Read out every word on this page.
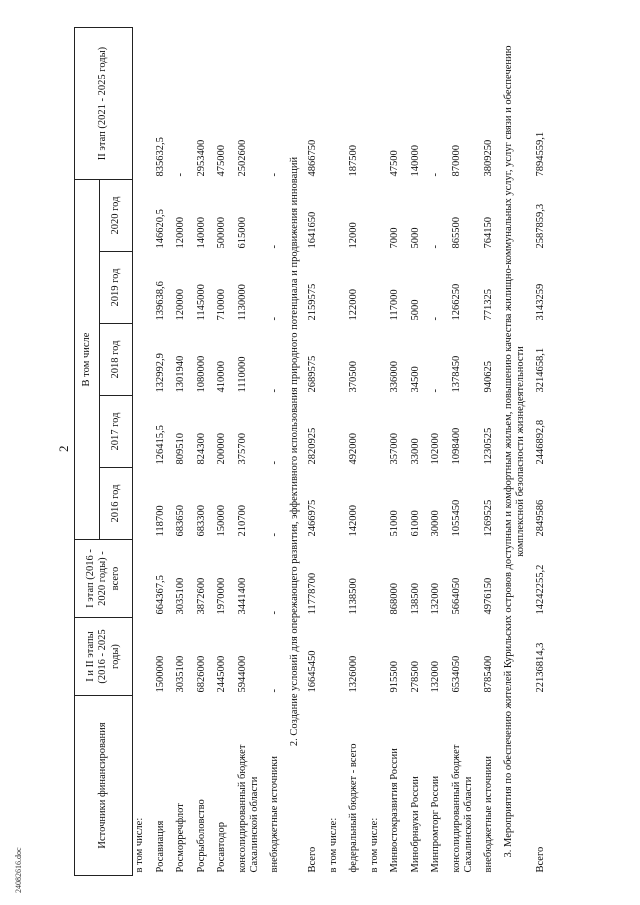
2
24082616.doc
Источники финансирования	I и II этапы (2016 - 2025 годы)	I этап (2016 - 2020 годы) - всего	В том числе					II этап (2021 - 2025 годы)
			2016 год	2017 год	2018 год	2019 год	2020 год	
в том числе:								
Росавиация	1500000	664367,5	118700	126415,5	132992,9	139638,6	146620,5	835632,5
Росморречфлот	3035100	3035100	683650	809510	1301940	120000	120000	-
Росрыболовство	6826000	3872600	683300	824300	1080000	1145000	140000	2953400
Росавтодор	2445000	1970000	150000	200000	410000	710000	500000	475000
консолидированный бюджет Сахалинской области	5944000	3441400	210700	375700	1110000	1130000	615000	2502600
внебюджетные источники	-	-	-	-	-	-	-	-
2. Создание условий для опережающего развития, эффективного использования природного потенциала и продвижения инноваций								
Всего	16645450	11778700	2466975	2820925	2689575	2159575	1641650	4866750
в том числе:								
федеральный бюджет - всего	1326000	1138500	142000	492000	370500	122000	12000	187500
в том числе:								
Минвостокразвития России	915500	868000	51000	357000	336000	117000	7000	47500
Минобрнауки России	278500	138500	61000	33000	34500	5000	5000	140000
Минпромторг России	132000	132000	30000	102000	-	-	-	-
консолидированный бюджет Сахалинской области	6534050	5664050	1055450	1098400	1378450	1266250	865500	870000
внебюджетные источники	8785400	4976150	1269525	1230525	940625	771325	764150	3809250
3. Мероприятия по обеспечению жителей Курильских островов доступным и комфортным жильем, повышению качества жилищно-коммунальных услуг, услуг связи и обеспечению комплексной безопасности жизнедеятельности								
Всего	22136814,3	14242255,2	2849586	2446892,8	3214658,1	3143259	2587859,3	7894559,1
